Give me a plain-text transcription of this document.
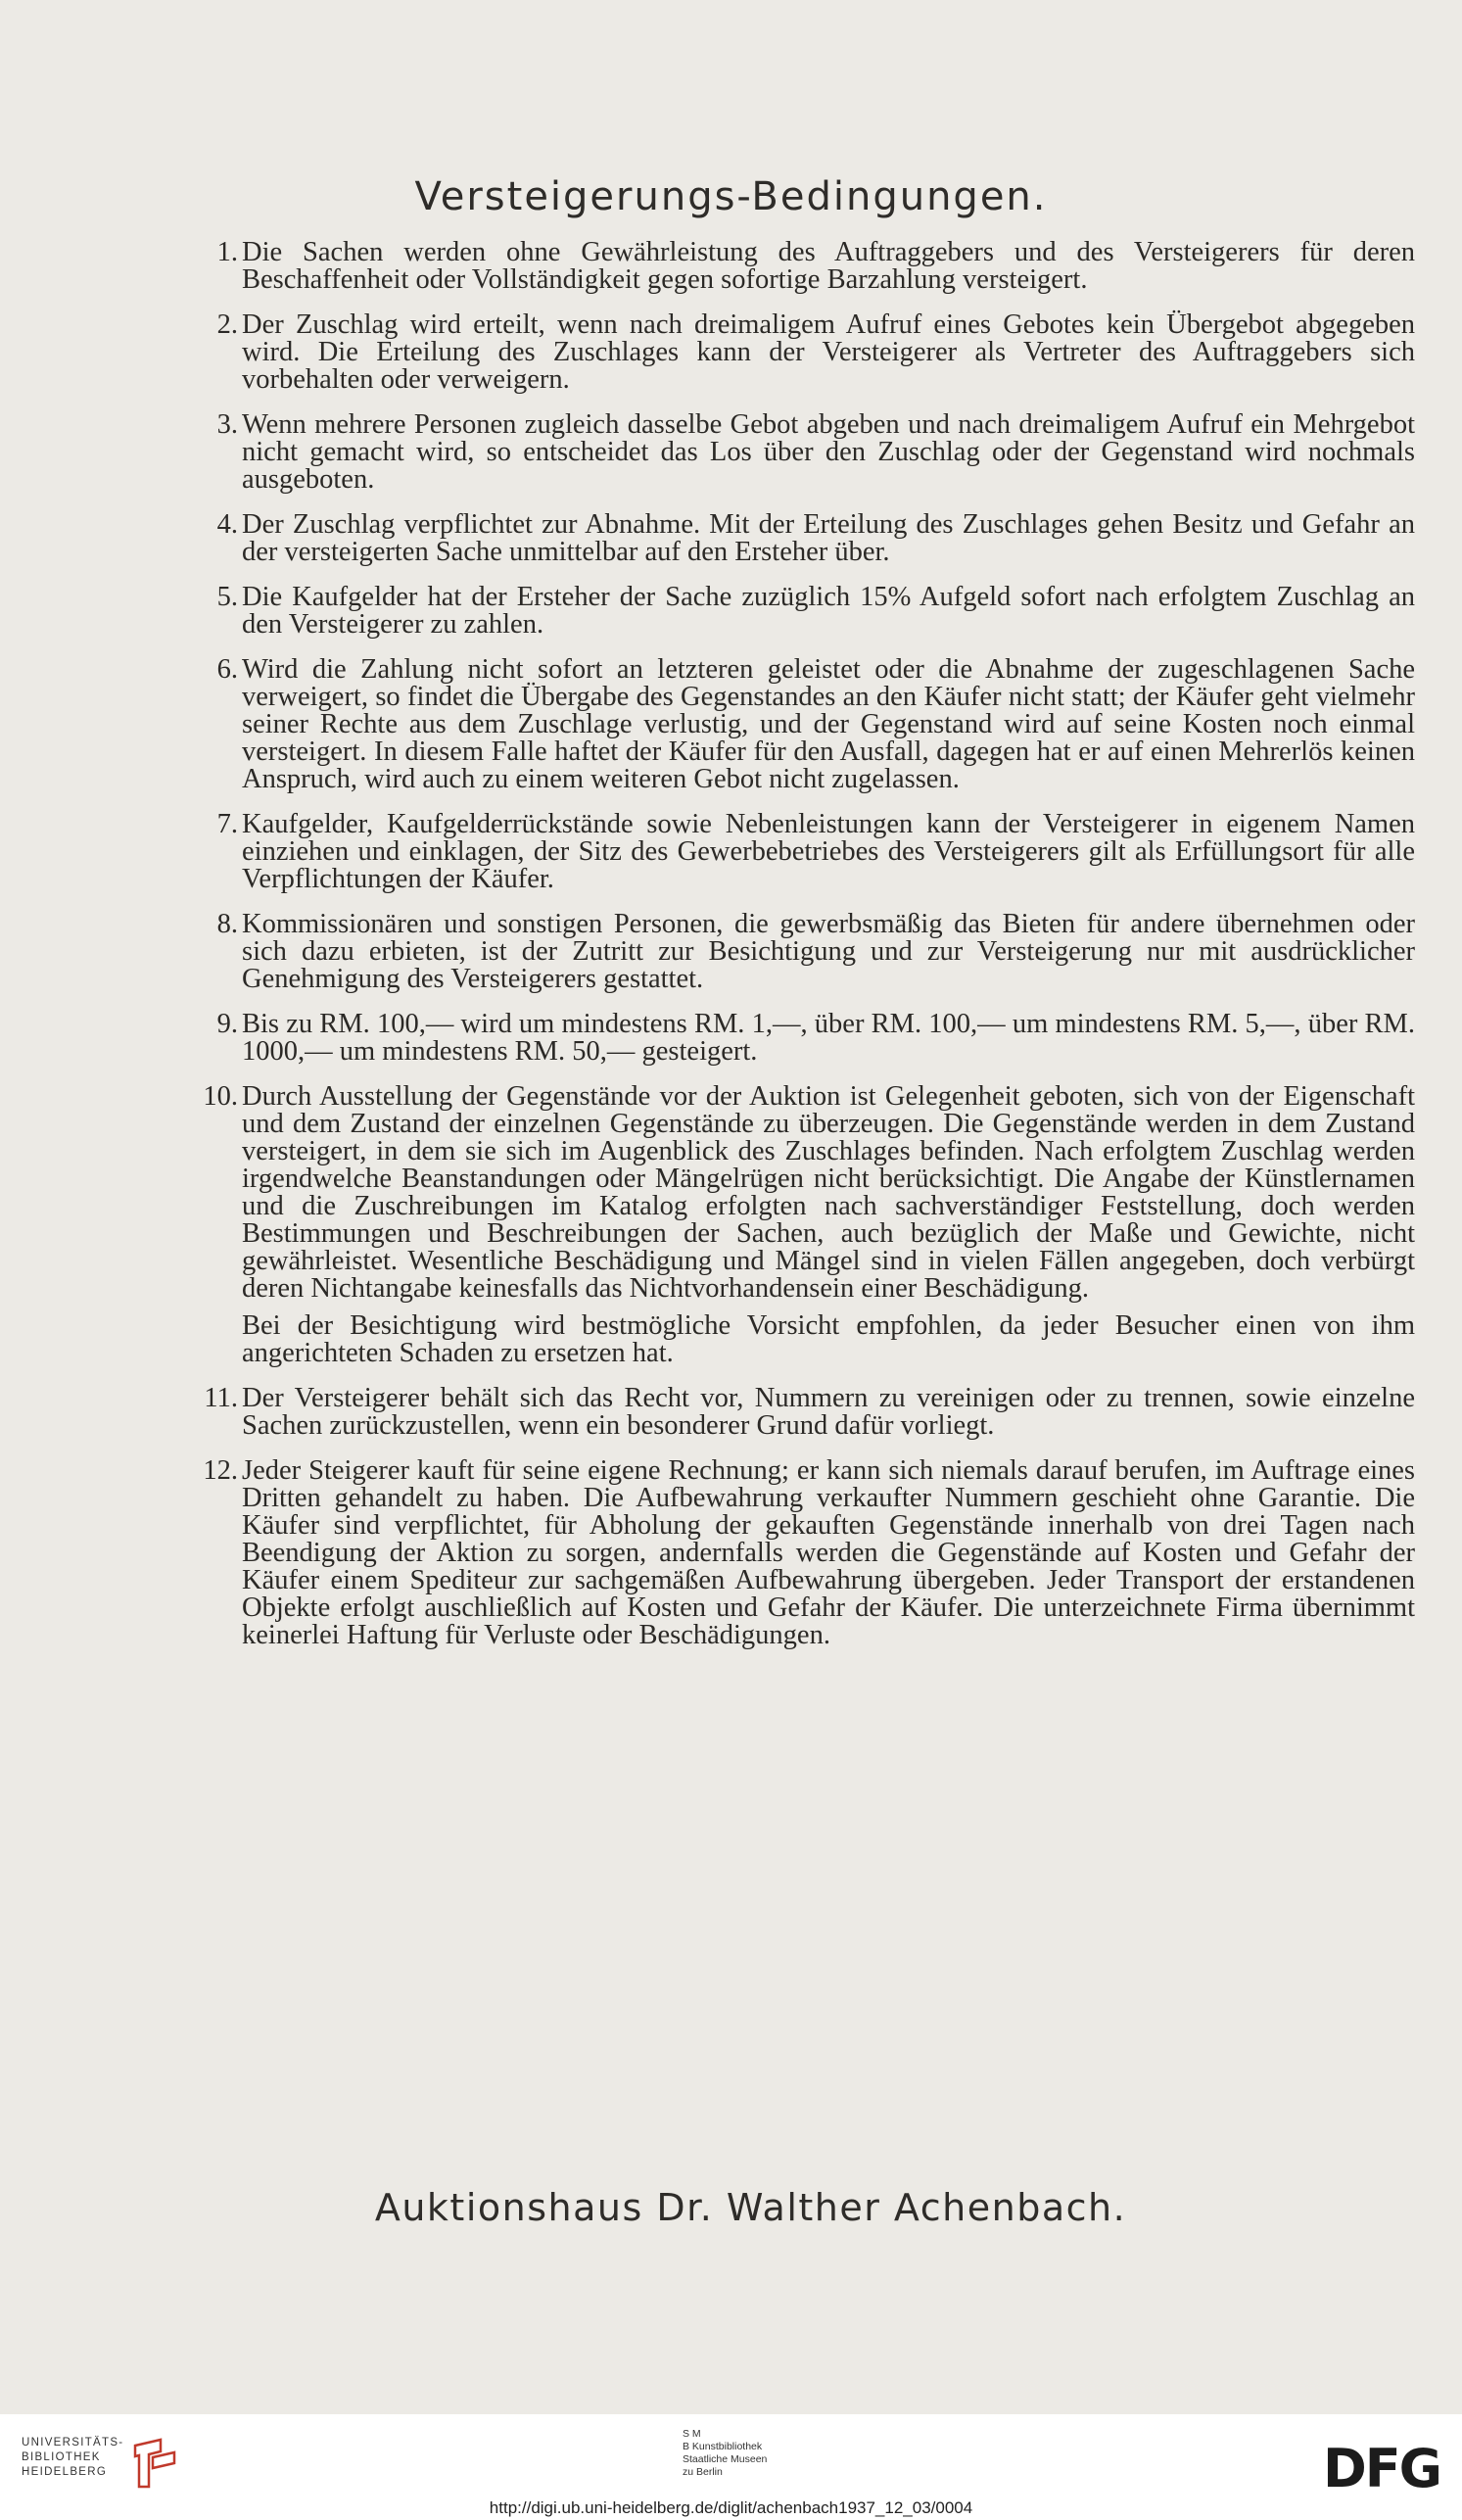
Versteigerungs-Bedingungen.
1. Die Sachen werden ohne Gewährleistung des Auftraggebers und des Versteigerers für deren Beschaffenheit oder Vollständigkeit gegen sofortige Barzahlung versteigert.

2. Der Zuschlag wird erteilt, wenn nach dreimaligem Aufruf eines Gebotes kein Übergebot abgegeben wird. Die Erteilung des Zuschlages kann der Versteigerer als Vertreter des Auftraggebers sich vorbehalten oder verweigern.

3. Wenn mehrere Personen zugleich dasselbe Gebot abgeben und nach dreimaligem Aufruf ein Mehrgebot nicht gemacht wird, so entscheidet das Los über den Zuschlag oder der Gegenstand wird nochmals ausgeboten.

4. Der Zuschlag verpflichtet zur Abnahme. Mit der Erteilung des Zuschlages gehen Besitz und Gefahr an der versteigerten Sache unmittelbar auf den Ersteher über.

5. Die Kaufgelder hat der Ersteher der Sache zuzüglich 15% Aufgeld sofort nach erfolgtem Zuschlag an den Versteigerer zu zahlen.

6. Wird die Zahlung nicht sofort an letzteren geleistet oder die Abnahme der zugeschlagenen Sache verweigert, so findet die Übergabe des Gegenstandes an den Käufer nicht statt; der Käufer geht vielmehr seiner Rechte aus dem Zuschlage verlustig, und der Gegenstand wird auf seine Kosten noch einmal versteigert. In diesem Falle haftet der Käufer für den Ausfall, dagegen hat er auf einen Mehrerlös keinen Anspruch, wird auch zu einem weiteren Gebot nicht zugelassen.

7. Kaufgelder, Kaufgelderrückstände sowie Nebenleistungen kann der Versteigerer in eigenem Namen einziehen und einklagen, der Sitz des Gewerbebetriebes des Versteigerers gilt als Erfüllungsort für alle Verpflichtungen der Käufer.

8. Kommissionären und sonstigen Personen, die gewerbsmäßig das Bieten für andere übernehmen oder sich dazu erbieten, ist der Zutritt zur Besichtigung und zur Versteigerung nur mit ausdrücklicher Genehmigung des Versteigerers gestattet.

9. Bis zu RM. 100,— wird um mindestens RM. 1,—, über RM. 100,— um mindestens RM. 5,—, über RM. 1000,— um mindestens RM. 50,— gesteigert.

10. Durch Ausstellung der Gegenstände vor der Auktion ist Gelegenheit geboten, sich von der Eigenschaft und dem Zustand der einzelnen Gegenstände zu überzeugen. Die Gegenstände werden in dem Zustand versteigert, in dem sie sich im Augenblick des Zuschlages befinden. Nach erfolgtem Zuschlag werden irgendwelche Beanstandungen oder Mängelrügen nicht berücksichtigt. Die Angabe der Künstlernamen und die Zuschreibungen im Katalog erfolgten nach sachverständiger Feststellung, doch werden Bestimmungen und Beschreibungen der Sachen, auch bezüglich der Maße und Gewichte, nicht gewährleistet. Wesentliche Beschädigung und Mängel sind in vielen Fällen angegeben, doch verbürgt deren Nichtangabe keinesfalls das Nichtvorhandensein einer Beschädigung.

Bei der Besichtigung wird bestmögliche Vorsicht empfohlen, da jeder Besucher einen von ihm angerichteten Schaden zu ersetzen hat.

11. Der Versteigerer behält sich das Recht vor, Nummern zu vereinigen oder zu trennen, sowie einzelne Sachen zurückzustellen, wenn ein besonderer Grund dafür vorliegt.

12. Jeder Steigerer kauft für seine eigene Rechnung; er kann sich niemals darauf berufen, im Auftrage eines Dritten gehandelt zu haben. Die Aufbewahrung verkaufter Nummern geschieht ohne Garantie. Die Käufer sind verpflichtet, für Abholung der gekauften Gegenstände innerhalb von drei Tagen nach Beendigung der Aktion zu sorgen, andernfalls werden die Gegenstände auf Kosten und Gefahr der Käufer einem Spediteur zur sachgemäßen Aufbewahrung übergeben. Jeder Transport der erstandenen Objekte erfolgt auschließlich auf Kosten und Gefahr der Käufer. Die unterzeichnete Firma übernimmt keinerlei Haftung für Verluste oder Beschädigungen.

Auktionshaus Dr. Walther Achenbach.
UNIVERSITÄTS-
BIBLIOTHEK
HEIDELBERG
S M
B Kunstbibliothek
Staatliche Museen
zu Berlin	DFG
http://digi.ub.uni-heidelberg.de/diglit/achenbach1937_12_03/0004
